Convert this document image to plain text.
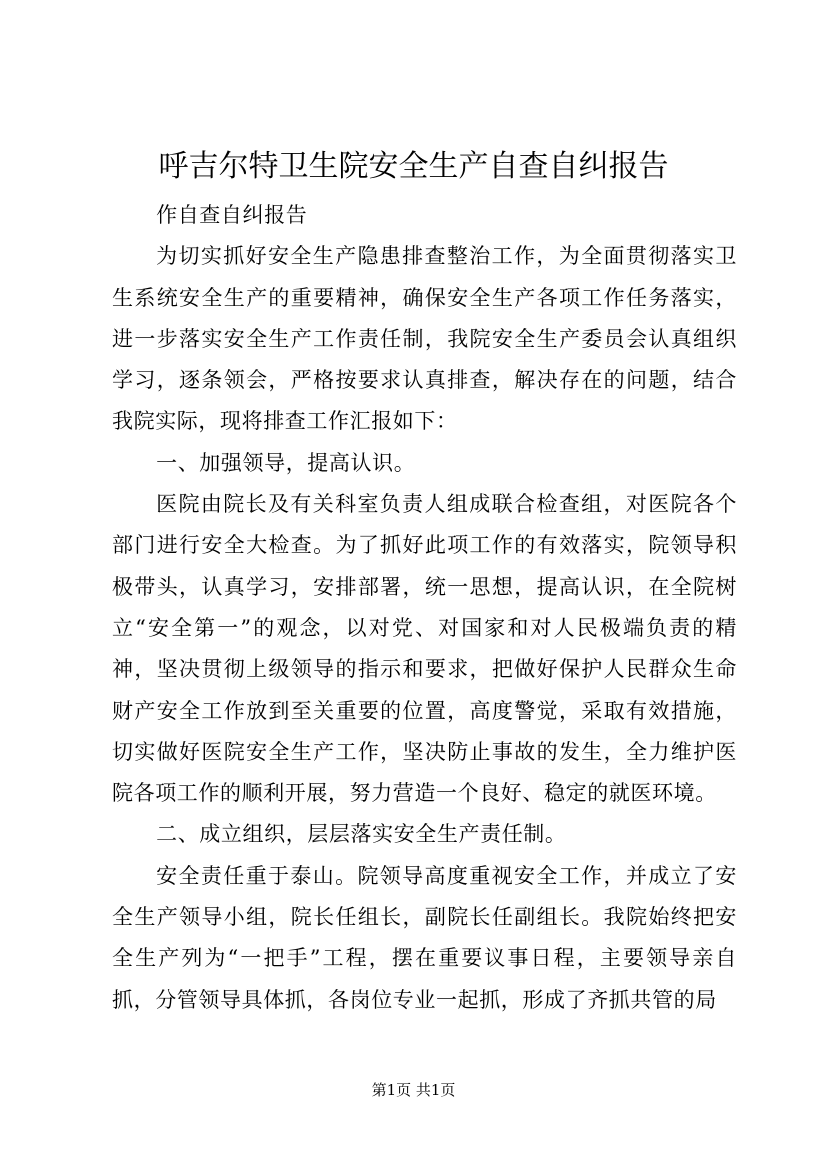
呼吉尔特卫生院安全生产自查自纠报告

作自查自纠报告

为切实抓好安全生产隐患排查整治工作，为全面贯彻落实卫生系统安全生产的重要精神，确保安全生产各项工作任务落实，进一步落实安全生产工作责任制，我院安全生产委员会认真组织学习，逐条领会，严格按要求认真排查，解决存在的问题，结合我院实际，现将排查工作汇报如下：

一、加强领导，提高认识。

医院由院长及有关科室负责人组成联合检查组，对医院各个部门进行安全大检查。为了抓好此项工作的有效落实，院领导积极带头，认真学习，安排部署，统一思想，提高认识，在全院树立“安全第一”的观念，以对党、对国家和对人民极端负责的精神，坚决贯彻上级领导的指示和要求，把做好保护人民群众生命财产安全工作放到至关重要的位置，高度警觉，采取有效措施，切实做好医院安全生产工作，坚决防止事故的发生，全力维护医院各项工作的顺利开展，努力营造一个良好、稳定的就医环境。

二、成立组织，层层落实安全生产责任制。

安全责任重于泰山。院领导高度重视安全工作，并成立了安全生产领导小组，院长任组长，副院长任副组长。我院始终把安全生产列为“一把手”工程，摆在重要议事日程，主要领导亲自抓，分管领导具体抓，各岗位专业一起抓，形成了齐抓共管的局

第1页 共1页
